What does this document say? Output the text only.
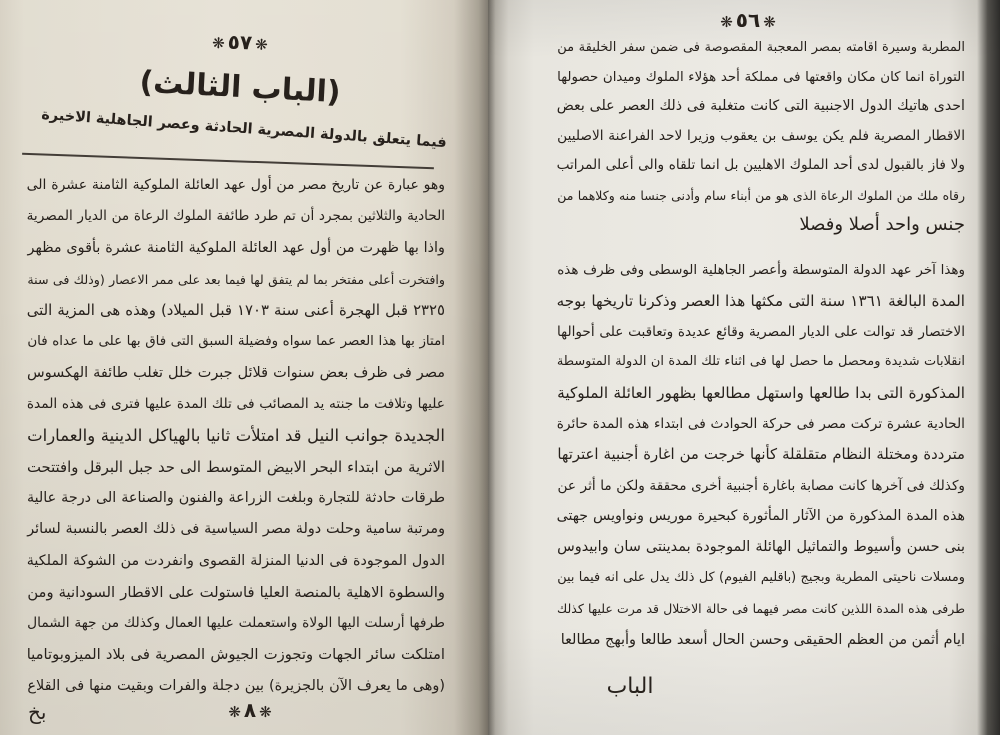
❋ ٥٧❋
(الباب الثالث)
فيما يتعلق بالدولة المصرية الحادثة وعصر الجاهلية الاخيرة
وهو عبارة عن تاريخ مصر من أول عهد العائلة الملوكية الثامنة عشرة الى
الحادية والثلاثين بمجرد أن تم طرد طائفة الملوك الرعاة من الديار المصرية
واذا بها ظهرت من أول عهد العائلة الملوكية الثامنة عشرة بأقوى مظهر
وافتخرت أعلى مفتخر بما لم يتفق لها فيما بعد على ممر الاعصار (وذلك فى سنة
٢٣٢٥ قبل الهجرة أعنى سنة ١٧٠٣ قبل الميلاد) وهذه هى المزية التى
امتاز بها هذا العصر عما سواه وفضيلة السبق التى فاق بها على ما عداه فان
مصر فى ظرف بعض سنوات قلائل جبرت خلل تغلب طائفة الهكسوس
عليها وتلافت ما جنته يد المصائب فى تلك المدة عليها فترى فى هذه المدة
الجديدة جوانب النيل قد امتلأت ثانيا بالهياكل الدينية والعمارات
الاثرية من ابتداء البحر الابيض المتوسط الى حد جبل البرقل وافتتحت
طرقات حادثة للتجارة وبلغت الزراعة والفنون والصناعة الى درجة عالية
ومرتبة سامية وحلت دولة مصر السياسية فى ذلك العصر بالنسبة لسائر
الدول الموجودة فى الدنيا المنزلة القصوى وانفردت من الشوكة الملكية
والسطوة الاهلية بالمنصة العليا فاستولت على الاقطار السودانية ومن
طرفها أرسلت اليها الولاة واستعملت عليها العمال وكذلك من جهة الشمال
امتلكت سائر الجهات وتجوزت الجيوش المصرية فى بلاد الميزوبوتاميا
(وهى ما يعرف الآن بالجزيرة) بين دجلة والفرات وبقيت منها فى القلاع
بخ
❋	٨❋
❋ ٥٦❋
المطربة وسيرة اقامته بمصر المعجبة المقصوصة فى ضمن سفر الخليقة من
التوراة انما كان مكان واقعتها فى مملكة أحد هؤلاء الملوك وميدان حصولها
احدى هاتيك الدول الاجنبية التى كانت متغلبة فى ذلك العصر على بعض
الاقطار المصرية فلم يكن يوسف بن يعقوب وزيرا لاحد الفراعنة الاصليين
ولا فاز بالقبول لدى أحد الملوك الاهليين بل انما تلقاه والى أعلى المراتب
رقاه ملك من الملوك الرعاة الذى هو من أبناء سام وأدنى جنسا منه وكلاهما من
جنس واحد أصلا وفصلا
وهذا آخر عهد الدولة المتوسطة وأعصر الجاهلية الوسطى وفى ظرف هذه
المدة البالغة ١٣٦١ سنة التى مكثها هذا العصر وذكرنا تاريخها بوجه
الاختصار قد توالت على الديار المصرية وقائع عديدة وتعاقبت على أحوالها
انقلابات شديدة ومحصل ما حصل لها فى اثناء تلك المدة ان الدولة المتوسطة
المذكورة التى بدا طالعها واستهل مطالعها بظهور العائلة الملوكية
الحادية عشرة تركت مصر فى حركة الحوادث فى ابتداء هذه المدة حائرة
مترددة ومختلة النظام متقلقلة كأنها خرجت من اغارة أجنبية اعترتها
وكذلك فى آخرها كانت مصابة باغارة أجنبية أخرى محققة ولكن ما أثر عن
هذه المدة المذكورة من الآثار المأثورة كبحيرة موريس ونواويس جهتى
بنى حسن وأسيوط والتماثيل الهائلة الموجودة بمدينتى سان وابيدوس
ومسلات ناحيتى المطرية وبجيج (باقليم الفيوم) كل ذلك يدل على انه فيما بين
طرفى هذه المدة اللذين كانت مصر فيهما فى حالة الاختلال قد مرت عليها كذلك
ايام أثمن من العظم الحقيقى وحسن الحال أسعد طالعا وأبهج مطالعا
الباب
